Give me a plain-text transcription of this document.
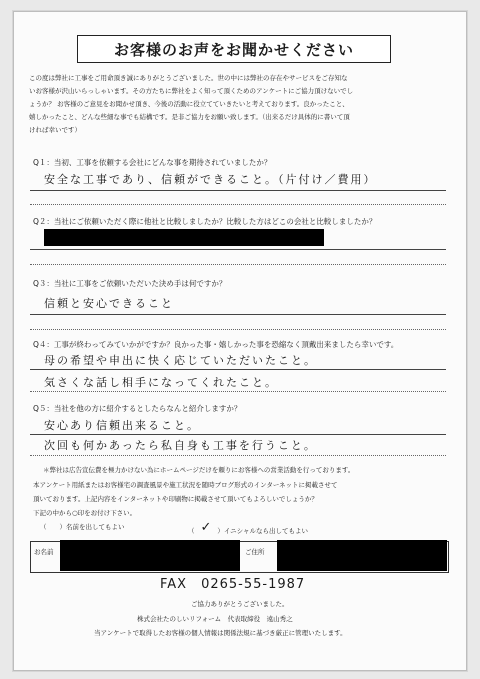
お客様のお声をお聞かせください
この度は弊社に工事をご用命頂き誠にありがとうございました。世の中には弊社の存在やサービスをご存知な
いお客様が沢山いらっしゃいます。その方たちに弊社をよく知って頂くためのアンケートにご協力頂けないでし
ょうか？ お客様のご意見をお聞かせ頂き、今後の活動に役立てていきたいと考えております。良かったこと、
嬉しかったこと、どんな些細な事でも結構です。是非ご協力をお願い致します。（出来るだけ具体的に書いて頂
ければ幸いです）
Q１：当初、工事を依頼する会社にどんな事を期待されていましたか？
安全な工事であり、信頼ができること。（片付け／費用）
Q２：当社にご依頼いただく際に他社と比較しましたか？比較した方はどこの会社と比較しましたか？
Q３：当社に工事をご依頼いただいた決め手は何ですか？
信頼と安心できること
Q４：工事が終わってみていかがですか？良かった事・嬉しかった事を恐縮なく頂戴出来ましたら幸いです。
母の希望や申出に快く応じていただいたこと。
気さくな話し相手になってくれたこと。
Q５：当社を他の方に紹介するとしたらなんと紹介しますか？
安心あり信頼出来ること。
次回も何かあったら私自身も工事を行うこと。
＊弊社は広告宣伝費を極力かけない為にホームページだけを頼りにお客様への営業活動を行っております。
本アンケート用紙またはお客様宅の調査風景や施工状況を随時ブログ形式のインターネットに掲載させて
頂いております。上記内容をインターネットや印刷物に掲載させて頂いてもよろしいでしょうか？
下記の中から○印をお付け下さい。
（　　）名前を出してもよい	（ ✓ ）イニシャルなら出してもよい
お名前	ご住所
FAX　0265-55-1987
ご協力ありがとうございました。
株式会社たのしいリフォーム　代表取締役　遠山秀之
当アンケートで取得したお客様の個人情報は関係法規に基づき厳正に管理いたします。
